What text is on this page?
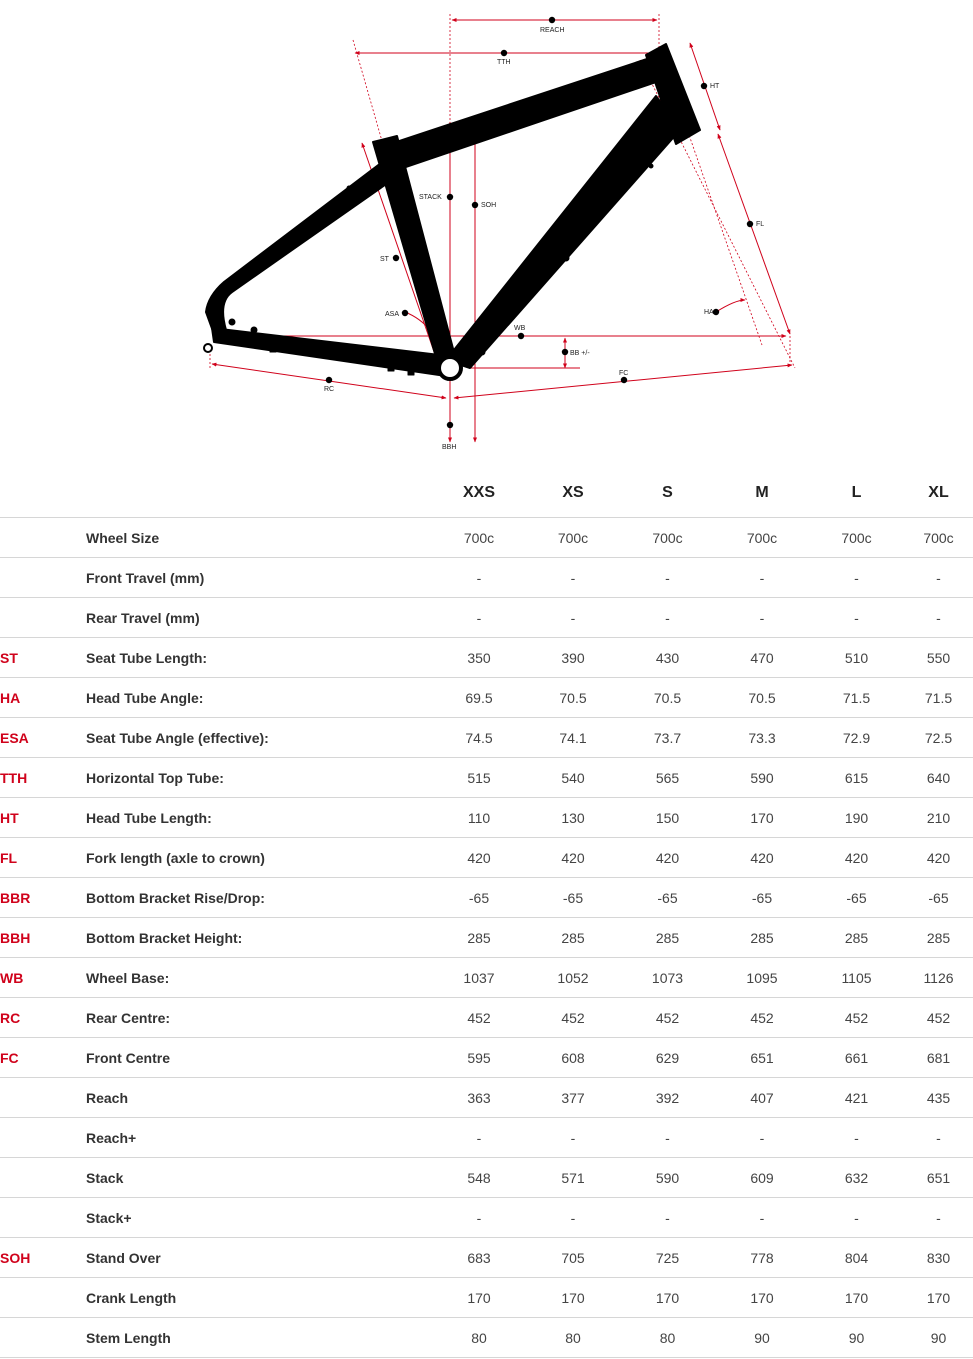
REACH
TTH
HT
STACK
SOH
ST
FL
ASA	HA
WB
BB +/-
RC
FC
BBH
		XXS	XS	S	M	L	XL
	Wheel Size	700c	700c	700c	700c	700c	700c
	Front Travel (mm)	-	-	-	-	-	-
	Rear Travel (mm)	-	-	-	-	-	-
ST	Seat Tube Length:	350	390	430	470	510	550
HA	Head Tube Angle:	69.5	70.5	70.5	70.5	71.5	71.5
ESA	Seat Tube Angle (effective):	74.5	74.1	73.7	73.3	72.9	72.5
TTH	Horizontal Top Tube:	515	540	565	590	615	640
HT	Head Tube Length:	110	130	150	170	190	210
FL	Fork length (axle to crown)	420	420	420	420	420	420
BBR	Bottom Bracket Rise/Drop:	-65	-65	-65	-65	-65	-65
BBH	Bottom Bracket Height:	285	285	285	285	285	285
WB	Wheel Base:	1037	1052	1073	1095	1105	1126
RC	Rear Centre:	452	452	452	452	452	452
FC	Front Centre	595	608	629	651	661	681
	Reach	363	377	392	407	421	435
	Reach+	-	-	-	-	-	-
	Stack	548	571	590	609	632	651
	Stack+	-	-	-	-	-	-
SOH	Stand Over	683	705	725	778	804	830
	Crank Length	170	170	170	170	170	170
	Stem Length	80	80	80	90	90	90
